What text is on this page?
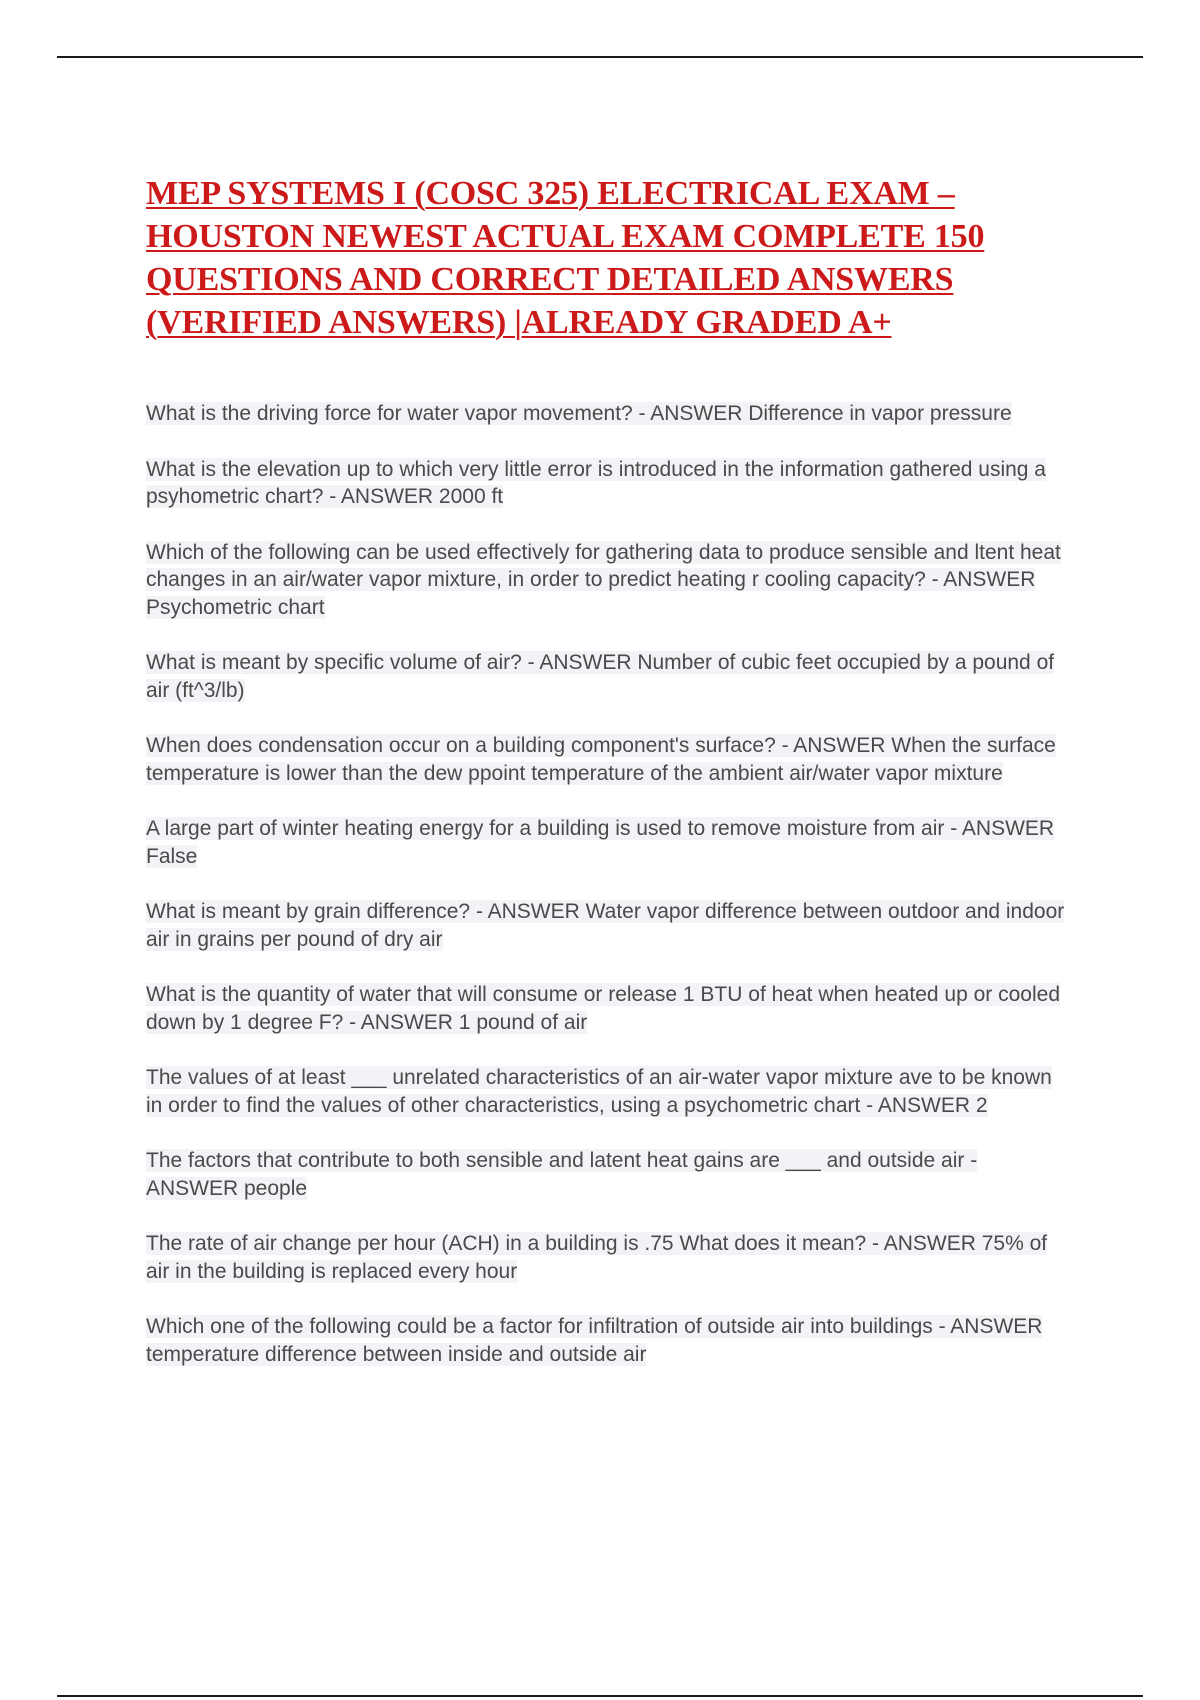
MEP SYSTEMS I (COSC 325) ELECTRICAL EXAM – HOUSTON NEWEST ACTUAL EXAM COMPLETE 150 QUESTIONS AND CORRECT DETAILED ANSWERS (VERIFIED ANSWERS) |ALREADY GRADED A+

What is the driving force for water vapor movement? - ANSWER Difference in vapor pressure

What is the elevation up to which very little error is introduced in the information gathered using a psyhometric chart? - ANSWER 2000 ft

Which of the following can be used effectively for gathering data to produce sensible and ltent heat changes in an air/water vapor mixture, in order to predict heating r cooling capacity? - ANSWER Psychometric chart

What is meant by specific volume of air? - ANSWER Number of cubic feet occupied by a pound of air (ft^3/lb)

When does condensation occur on a building component's surface? - ANSWER When the surface temperature is lower than the dew ppoint temperature of the ambient air/water vapor mixture

A large part of winter heating energy for a building is used to remove moisture from air - ANSWER False

What is meant by grain difference? - ANSWER Water vapor difference between outdoor and indoor air in grains per pound of dry air

What is the quantity of water that will consume or release 1 BTU of heat when heated up or cooled down by 1 degree F? - ANSWER 1 pound of air

The values of at least ___ unrelated characteristics of an air-water vapor mixture ave to be known in order to find the values of other characteristics, using a psychometric chart - ANSWER 2

The factors that contribute to both sensible and latent heat gains are ___ and outside air - ANSWER people

The rate of air change per hour (ACH) in a building is .75 What does it mean? - ANSWER 75% of air in the building is replaced every hour

Which one of the following could be a factor for infiltration of outside air into buildings - ANSWER temperature difference between inside and outside air
